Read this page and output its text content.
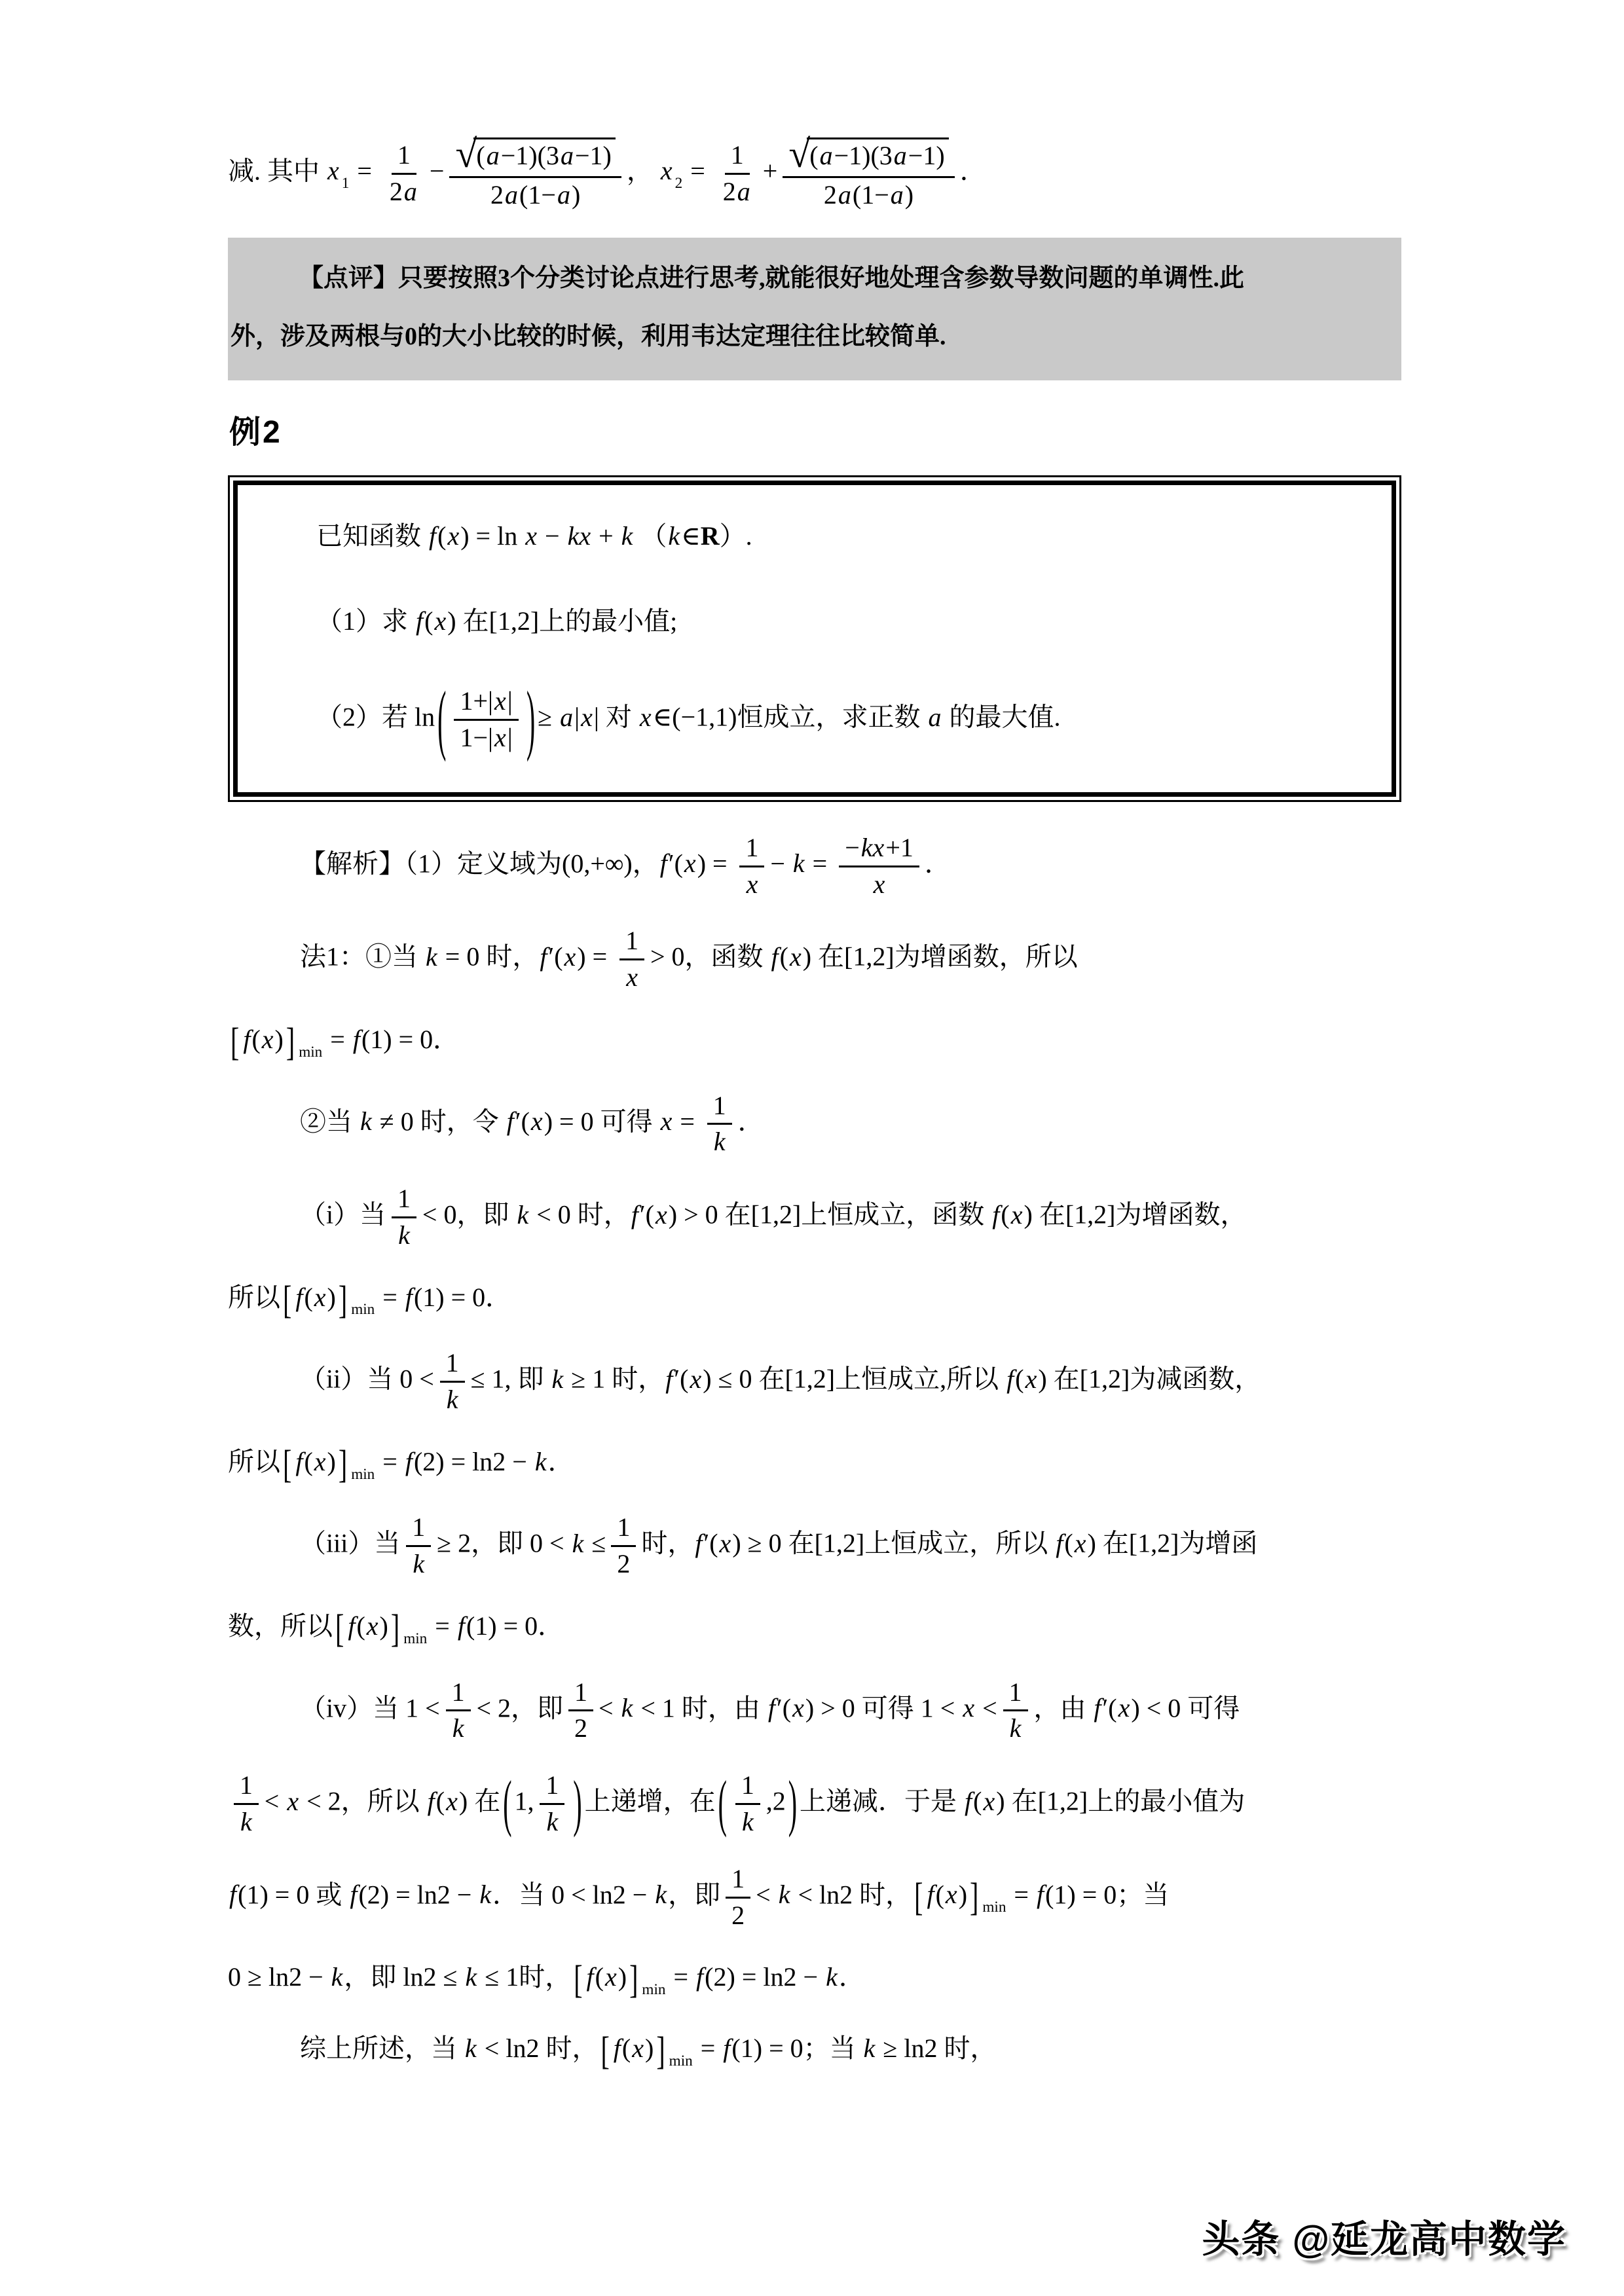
减. 其中 x $_1 = \frac{1}{2a} - \frac{√ (a-1)(3a-1)}{2a(1-a)}$ ， x $_2 = \frac{1}{2a} + \frac{√ (a-1)(3a-1)}{2a(1-a)}$ ．
【点评】只要按照3个分类讨论点进行思考,就能很好地处理含参数导数问题的单调性.此
外，涉及两根与0的大小比较的时候，利用韦达定理往往比较简单.
例2
已知函数 f(x) = ln x − kx + k （k∈R）.
（1）求 f(x) 在[1,2]上的最小值;
（2）若 ln ( $\frac{1+|x|}{1-|x|}$ ) ≥ a|x| 对 x∈(−1,1)恒成立，求正数 a 的最大值.
【解析】（1）定义域为(0,+∞)，$f'(x) = \frac{1}{x} - k = \frac{-kx+1}{x}$ ．
法1：①当 k = 0 时，$f'(x) = \frac{1}{x} > 0$，函数 f(x) 在[1,2]为增函数，所以
[ f(x) ] $_{min}$ = f(1) = 0．
②当 k ≠ 0 时，令 f′(x) = 0 可得 $x = \frac{1}{k}$ ．
（i）当 $\frac{1}{k} < 0$，即 k < 0 时，f′(x) > 0 在[1,2]上恒成立，函数 f(x) 在[1,2]为增函数，
所以 [ f(x) ] $_{min}$ = f(1) = 0．
（ii）当 $0 < \frac{1}{k} \le 1$, 即 k ≥ 1 时，f′(x) ≤ 0 在[1,2]上恒成立,所以 f(x) 在[1,2]为减函数，
所以 [ f(x) ] $_{min}$ = f(2) = ln2 − k．
（iii）当 $\frac{1}{k} \ge 2$，即 $0 < k \le \frac{1}{2}$ 时，f′(x) ≥ 0 在[1,2]上恒成立，所以 f(x) 在[1,2]为增函
数，所以 [ f(x) ] $_{min}$ = f(1) = 0．
（iv）当 $1 < \frac{1}{k} < 2$，即 $\frac{1}{2} < k < 1$ 时，由 f′(x) > 0 可得 $1 < x < \frac{1}{k}$ ，由 f′(x) < 0 可得
$\frac{1}{k} < x < 2$，所以 f(x) 在 ( 1, $\frac{1}{k}$ ) 上递增，在 ( $\frac{1}{k} ,2$ ) 上递减．于是 f(x) 在[1,2]上的最小值为
f(1) = 0 或 f(2) = ln2 − k．当 0 < ln2 − k，即 $\frac{1}{2} < k < \ln 2$ 时， [ f(x) ] $_{min}$ = f(1) = 0；当
0 ≥ ln2 − k，即 ln2 ≤ k ≤ 1时， [ f(x) ] $_{min}$ = f(2) = ln2 − k．
综上所述，当 k < ln2 时， [ f(x) ] $_{min}$ = f(1) = 0；当 k ≥ ln2 时，
头条 @延龙高中数学
